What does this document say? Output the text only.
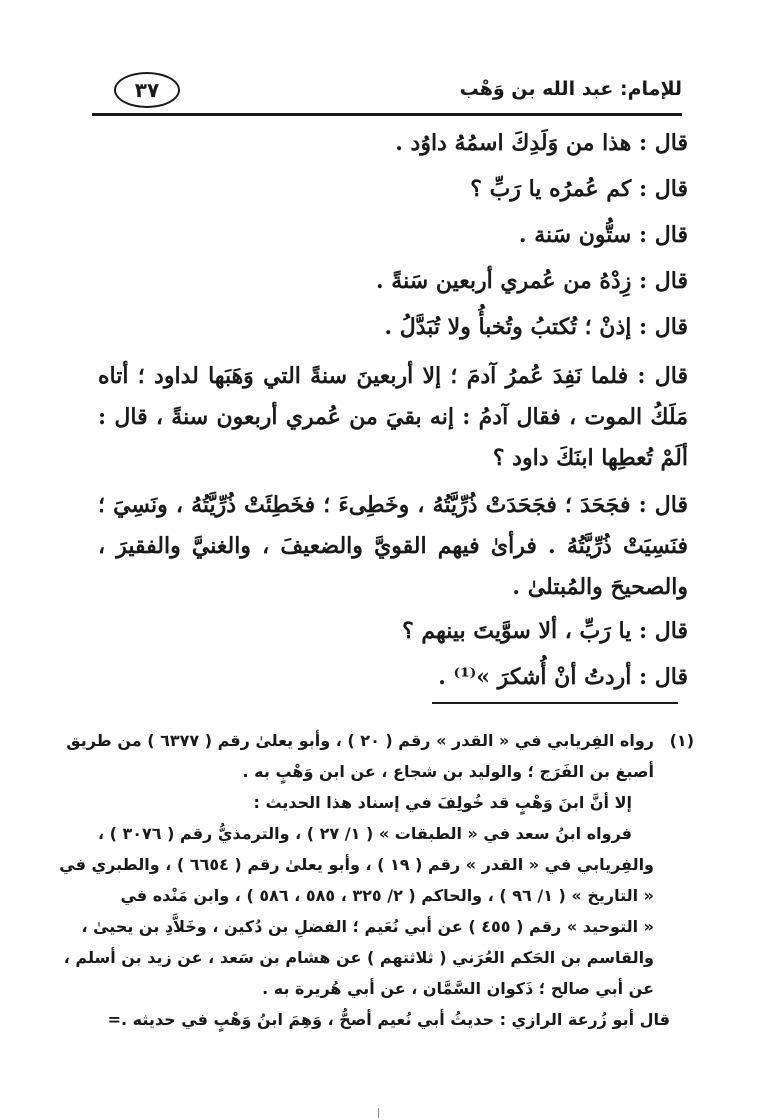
للإمام: عبد الله بن وَهْب
٣٧
قال : هذا من وَلَدِكَ اسمُهُ داوُد .
قال : كم عُمرُه يا رَبِّ ؟
قال : ستُّون سَنة .
قال : زِدْهُ من عُمري أربعين سَنةً .
قال : إذنْ ؛ تُكتبُ وتُخبأُ ولا تُبَدَّلُ .
قال : فلما نَفِدَ عُمرُ آدمَ ؛ إلا أربعينَ سنةً التي وَهَبَها لداود ؛ أتاه مَلَكُ الموت ، فقال آدمُ : إنه بقيَ من عُمري أربعون سنةً ، قال : ألَمْ تُعطِها ابنَكَ داود ؟
قال : فجَحَدَ ؛ فجَحَدَتْ ذُرِّيَّتُهُ ، وخَطِىءَ ؛ فخَطِئَتْ ذُرِّيَّتُهُ ، ونَسِيَ ؛ فنَسِيَتْ ذُرِّيَّتُهُ . فرأىٰ فيهم القويَّ والضعيفَ ، والغنيَّ والفقيرَ ، والصحيحَ والمُبتلىٰ .
قال : يا رَبِّ ، ألا سوَّيتَ بينهم ؟
قال : أردتُ أنْ أُشكرَ »⁽¹⁾ .
(١)
رواه الفِريابي في « القدر » رقم ( ٢٠ ) ، وأبو يعلىٰ رقم ( ٦٣٧٧ ) من طريق
أصبغ بن الفَرَج ؛ والوليد بن شجاع ، عن ابن وَهْبٍ به .
إلا أنَّ ابنَ وَهْبٍ قد خُولِفَ في إسناد هذا الحديث :
فرواه ابنُ سعد في « الطبقات » ( ١/ ٢٧ ) ، والترمذيُّ رقم ( ٣٠٧٦ ) ،
والفِريابي في « القدر » رقم ( ١٩ ) ، وأبو يعلىٰ رقم ( ٦٦٥٤ ) ، والطبري في
« التاريخ » ( ١/ ٩٦ ) ، والحاكم ( ٢/ ٣٢٥ ، ٥٨٥ ، ٥٨٦ ) ، وابن مَنْده في
« التوحيد » رقم ( ٤٥٥ ) عن أبي نُعَيم ؛ الفضلِ بن دُكين ، وخَلاَّدِ بن يحيىٰ ،
والقاسم بن الحَكم العُرَني ( ثلاثتهم ) عن هشام بن سَعد ، عن زيد بن أسلم ،
عن أبي صالح ؛ ذَكوان السَّمَّان ، عن أبي هُريرة به .
قال أبو زُرعة الرازي : حديثُ أبي نُعيم أصحُّ ، وَهِمَ ابنُ وَهْبٍ في حديثه .=
